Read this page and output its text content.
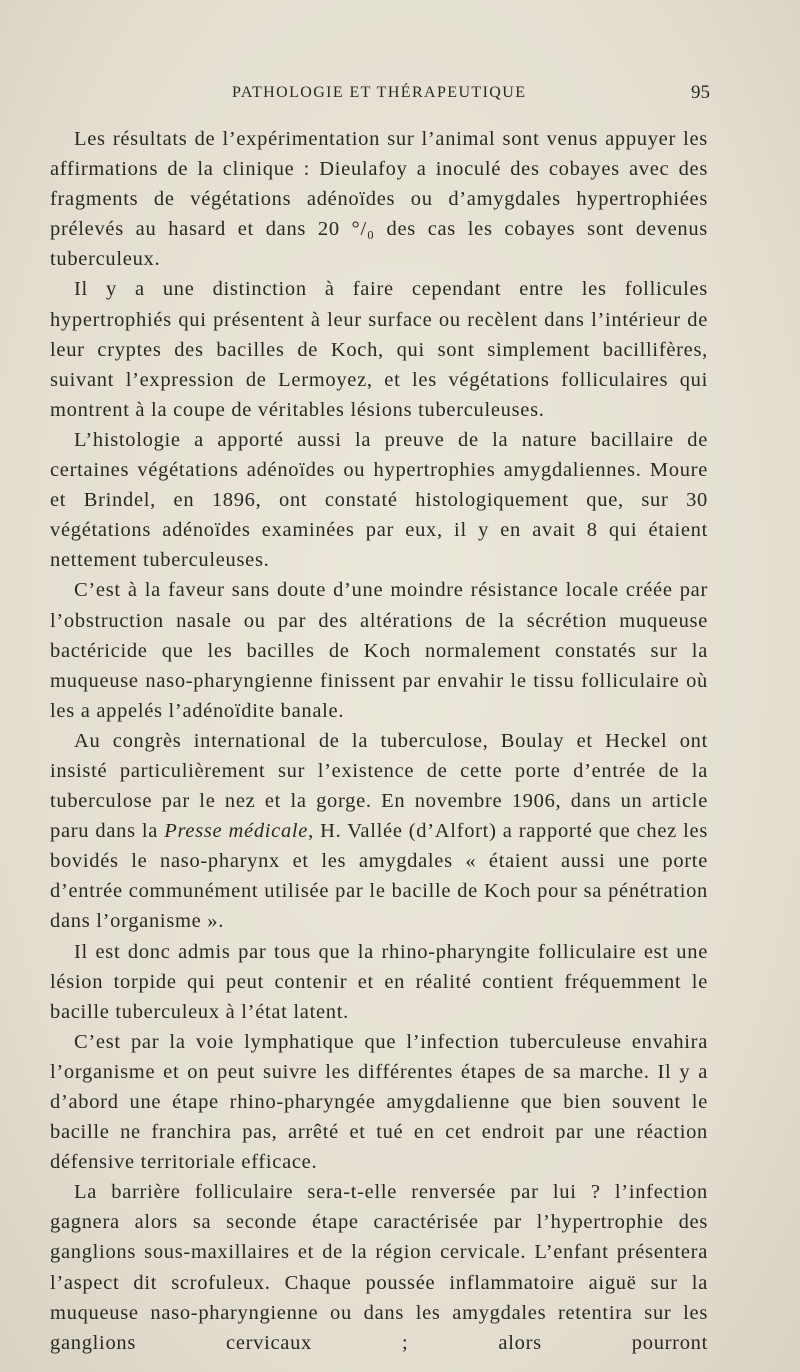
PATHOLOGIE ET THÉRAPEUTIQUE	95

Les résultats de l’expérimentation sur l’animal sont venus appuyer les affirmations de la clinique : Dieulafoy a inoculé des cobayes avec des fragments de végétations adénoïdes ou d’amygdales hypertrophiées prélevés au hasard et dans 20 °/₀ des cas les cobayes sont devenus tuberculeux.

Il y a une distinction à faire cependant entre les follicules hypertrophiés qui présentent à leur surface ou recèlent dans l’intérieur de leur cryptes des bacilles de Koch, qui sont simplement bacillifères, suivant l’expression de Lermoyez, et les végétations folliculaires qui montrent à la coupe de véritables lésions tuberculeuses.

L’histologie a apporté aussi la preuve de la nature bacillaire de certaines végétations adénoïdes ou hypertrophies amygdaliennes. Moure et Brindel, en 1896, ont constaté histologiquement que, sur 30 végétations adénoïdes examinées par eux, il y en avait 8 qui étaient nettement tuberculeuses.

C’est à la faveur sans doute d’une moindre résistance locale créée par l’obstruction nasale ou par des altérations de la sécrétion muqueuse bactéricide que les bacilles de Koch normalement constatés sur la muqueuse naso-pharyngienne finissent par envahir le tissu folliculaire où les a appelés l’adénoïdite banale.

Au congrès international de la tuberculose, Boulay et Heckel ont insisté particulièrement sur l’existence de cette porte d’entrée de la tuberculose par le nez et la gorge. En novembre 1906, dans un article paru dans la Presse médicale, H. Vallée (d’Alfort) a rapporté que chez les bovidés le naso-pharynx et les amygdales « étaient aussi une porte d’entrée communément utilisée par le bacille de Koch pour sa pénétration dans l’organisme ».

Il est donc admis par tous que la rhino-pharyngite folliculaire est une lésion torpide qui peut contenir et en réalité contient fréquemment le bacille tuberculeux à l’état latent.

C’est par la voie lymphatique que l’infection tuberculeuse envahira l’organisme et on peut suivre les différentes étapes de sa marche. Il y a d’abord une étape rhino-pharyngée amygdalienne que bien souvent le bacille ne franchira pas, arrêté et tué en cet endroit par une réaction défensive territoriale efficace.

La barrière folliculaire sera-t-elle renversée par lui ? l’infection gagnera alors sa seconde étape caractérisée par l’hypertrophie des ganglions sous-maxillaires et de la région cervicale. L’enfant présentera l’aspect dit scrofuleux. Chaque poussée inflammatoire aiguë sur la muqueuse naso-pharyngienne ou dans les amygdales retentira sur les ganglions cervicaux ; alors pourront
